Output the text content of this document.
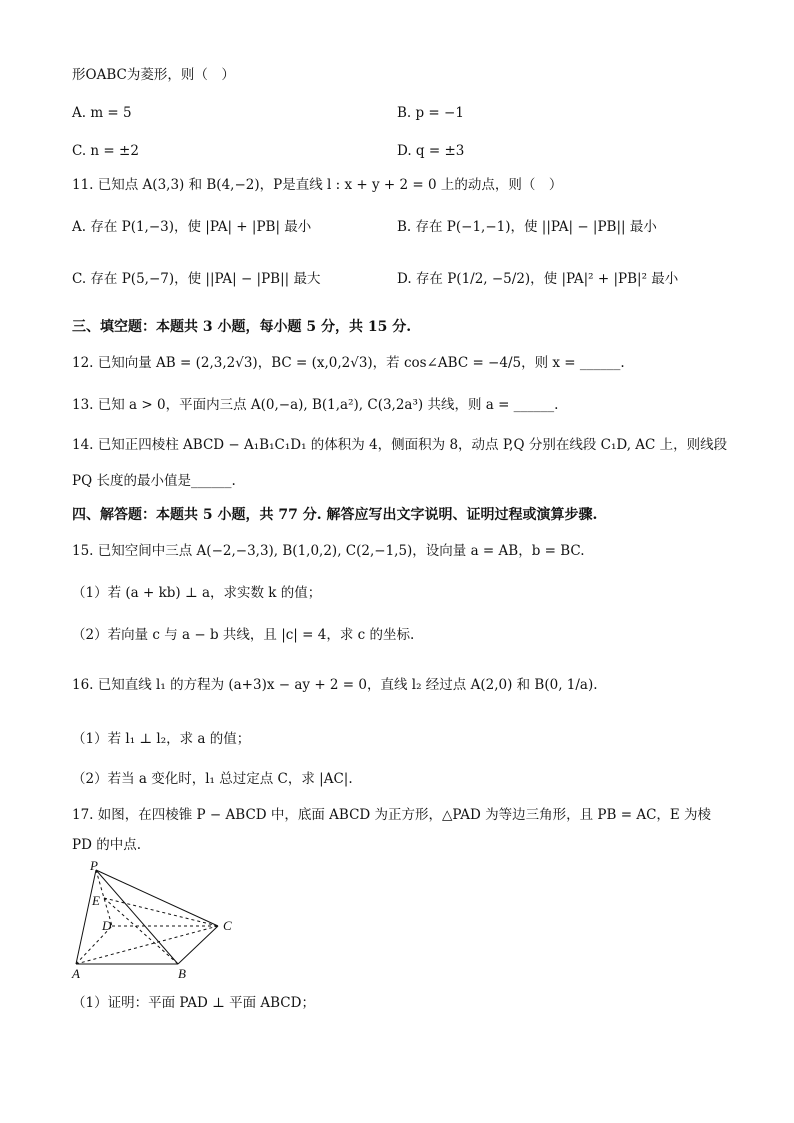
形OABC为菱形，则（　）
A. m = 5	B. p = −1
C. n = ±2	D. q = ±3
11. 已知点 A(3,3) 和 B(4,−2)，P是直线 l : x + y + 2 = 0 上的动点，则（　）
A. 存在 P(1,−3)，使 |PA| + |PB| 最小	B. 存在 P(−1,−1)，使 ||PA| − |PB|| 最小
C. 存在 P(5,−7)，使 ||PA| − |PB|| 最大	D. 存在 P(1/2, −5/2)，使 |PA|² + |PB|² 最小
三、填空题：本题共 3 小题，每小题 5 分，共 15 分.
12. 已知向量 AB = (2,3,2√3)，BC = (x,0,2√3)，若 cos∠ABC = −4/5，则 x = ______.
13. 已知 a > 0，平面内三点 A(0,−a), B(1,a²), C(3,2a³) 共线，则 a = ______.
14. 已知正四棱柱 ABCD − A₁B₁C₁D₁ 的体积为 4，侧面积为 8，动点 P,Q 分别在线段 C₁D, AC 上，则线段
PQ 长度的最小值是______.
四、解答题：本题共 5 小题，共 77 分. 解答应写出文字说明、证明过程或演算步骤.
15. 已知空间中三点 A(−2,−3,3), B(1,0,2), C(2,−1,5)，设向量 a = AB，b = BC.
（1）若 (a + kb) ⊥ a，求实数 k 的值；
（2）若向量 c 与 a − b 共线，且 |c| = 4，求 c 的坐标.
16. 已知直线 l₁ 的方程为 (a+3)x − ay + 2 = 0，直线 l₂ 经过点 A(2,0) 和 B(0, 1/a).
（1）若 l₁ ⊥ l₂，求 a 的值；
（2）若当 a 变化时，l₁ 总过定点 C，求 |AC|.
17. 如图，在四棱锥 P − ABCD 中，底面 ABCD 为正方形，△PAD 为等边三角形，且 PB = AC，E 为棱
PD 的中点.
P
E
D	C
A	B
（1）证明：平面 PAD ⊥ 平面 ABCD；
